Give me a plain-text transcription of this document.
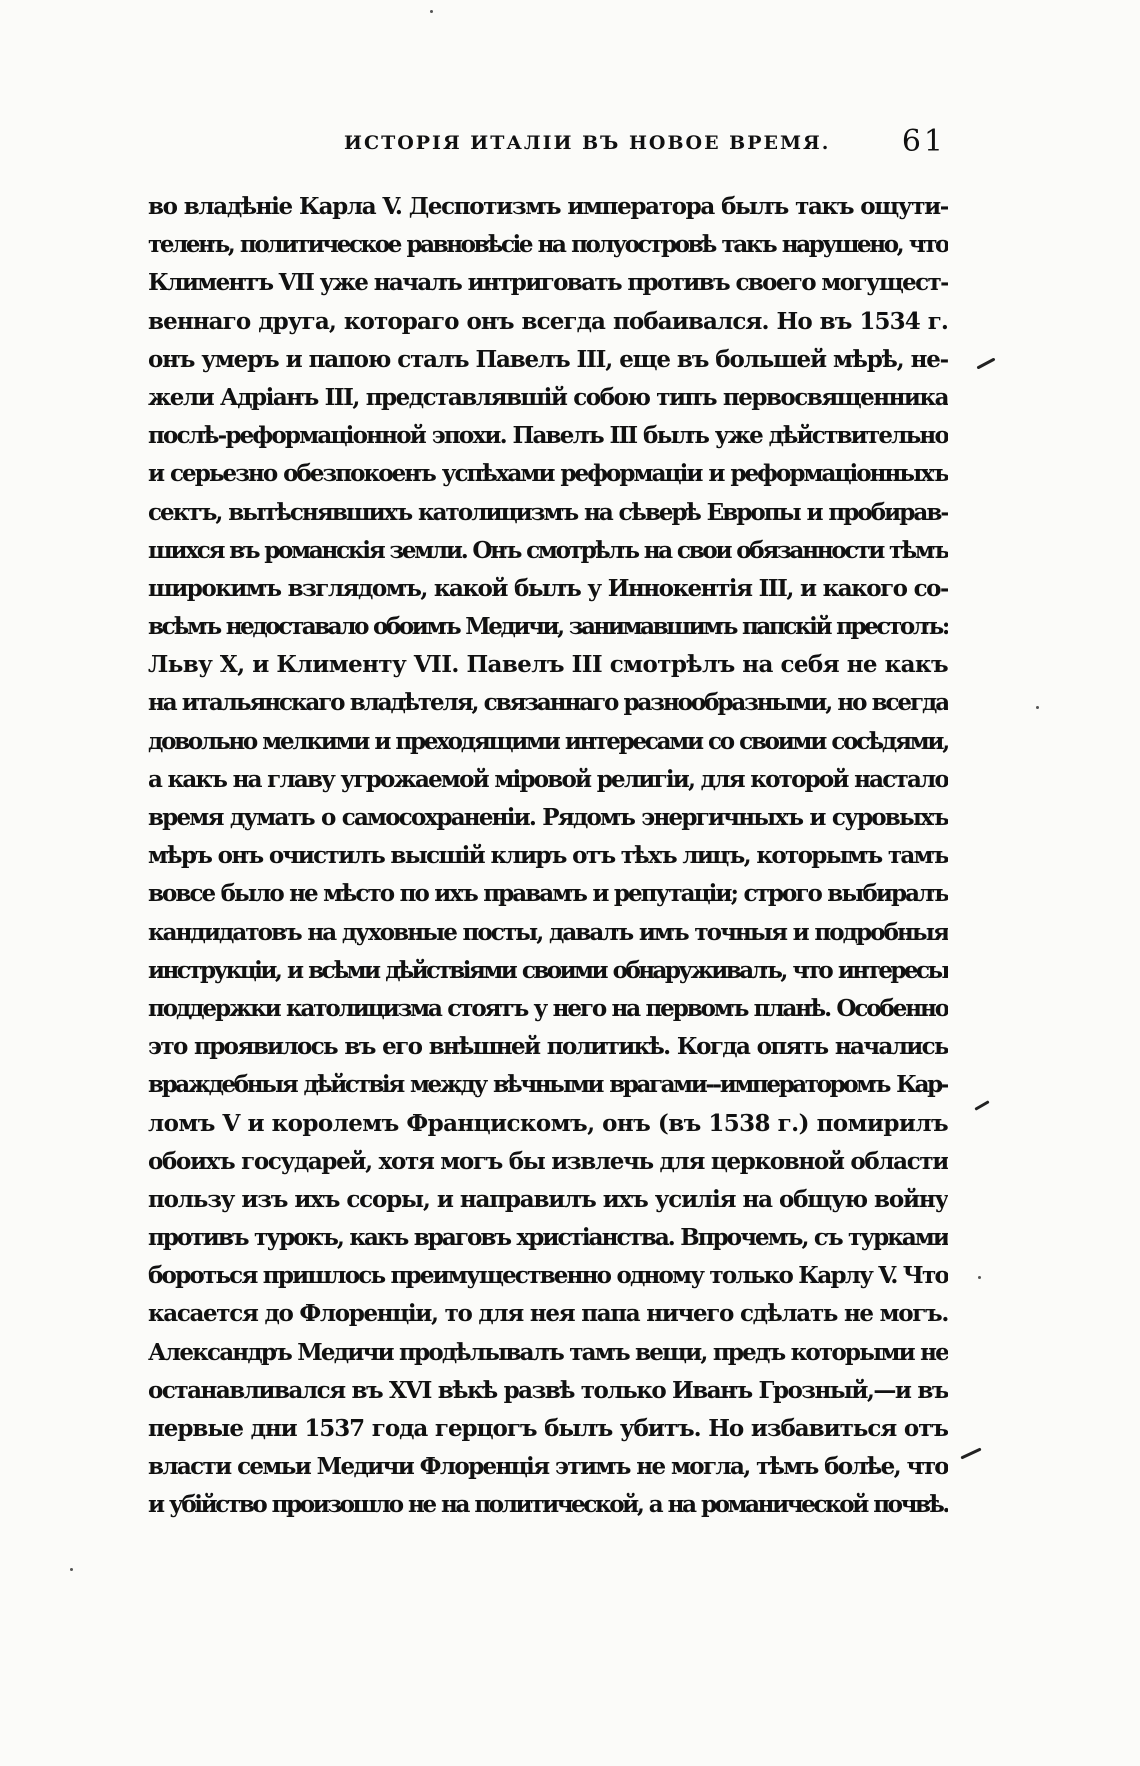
ИСТОРІЯ ИТАЛІИ ВЪ НОВОЕ ВРЕМЯ. 61
во владѣніе Карла V. Деспотизмъ императора былъ такъ ощути-
теленъ, политическое равновѣсіе на полуостровѣ такъ нарушено, что
Климентъ VII уже началъ интриговать противъ своего могущест-
веннаго друга, котораго онъ всегда побаивался. Но въ 1534 г.
онъ умеръ и папою сталъ Павелъ III, еще въ большей мѣрѣ, не-
жели Адріанъ III, представлявшій собою типъ первосвященника
послѣ-реформаціонной эпохи. Павелъ III былъ уже дѣйствительно
и серьезно обезпокоенъ успѣхами реформаціи и реформаціонныхъ
сектъ, вытѣснявшихъ католицизмъ на сѣверѣ Европы и пробирав-
шихся въ романскія земли. Онъ смотрѣлъ на свои обязанности тѣмъ
широкимъ взглядомъ, какой былъ у Иннокентія III, и какого со-
всѣмъ недоставало обоимъ Медичи, занимавшимъ папскій престолъ:
Льву X, и Клименту VII. Павелъ III смотрѣлъ на себя не какъ
на итальянскаго владѣтеля, связаннаго разнообразными, но всегда
довольно мелкими и преходящими интересами со своими сосѣдями,
а какъ на главу угрожаемой міровой религіи, для которой настало
время думать о самосохраненіи. Рядомъ энергичныхъ и суровыхъ
мѣръ онъ очистилъ высшій клиръ отъ тѣхъ лицъ, которымъ тамъ
вовсе было не мѣсто по ихъ правамъ и репутаціи; строго выбиралъ
кандидатовъ на духовные посты, давалъ имъ точныя и подробныя
инструкціи, и всѣми дѣйствіями своими обнаруживалъ, что интересы
поддержки католицизма стоятъ у него на первомъ планѣ. Особенно
это проявилось въ его внѣшней политикѣ. Когда опять начались
враждебныя дѣйствія между вѣчными врагами--императоромъ Кар-
ломъ V и королемъ Францискомъ, онъ (въ 1538 г.) помирилъ
обоихъ государей, хотя могъ бы извлечь для церковной области
пользу изъ ихъ ссоры, и направилъ ихъ усилія на общую войну
противъ турокъ, какъ враговъ христіанства. Впрочемъ, съ турками
бороться пришлось преимущественно одному только Карлу V. Что
касается до Флоренціи, то для нея папа ничего сдѣлать не могъ.
Александръ Медичи продѣлывалъ тамъ вещи, предъ которыми не
останавливался въ XVI вѣкѣ развѣ только Иванъ Грозный,—и въ
первые дни 1537 года герцогъ былъ убитъ. Но избавиться отъ
власти семьи Медичи Флоренція этимъ не могла, тѣмъ болѣе, что
и убійство произошло не на политической, а на романической почвѣ.
